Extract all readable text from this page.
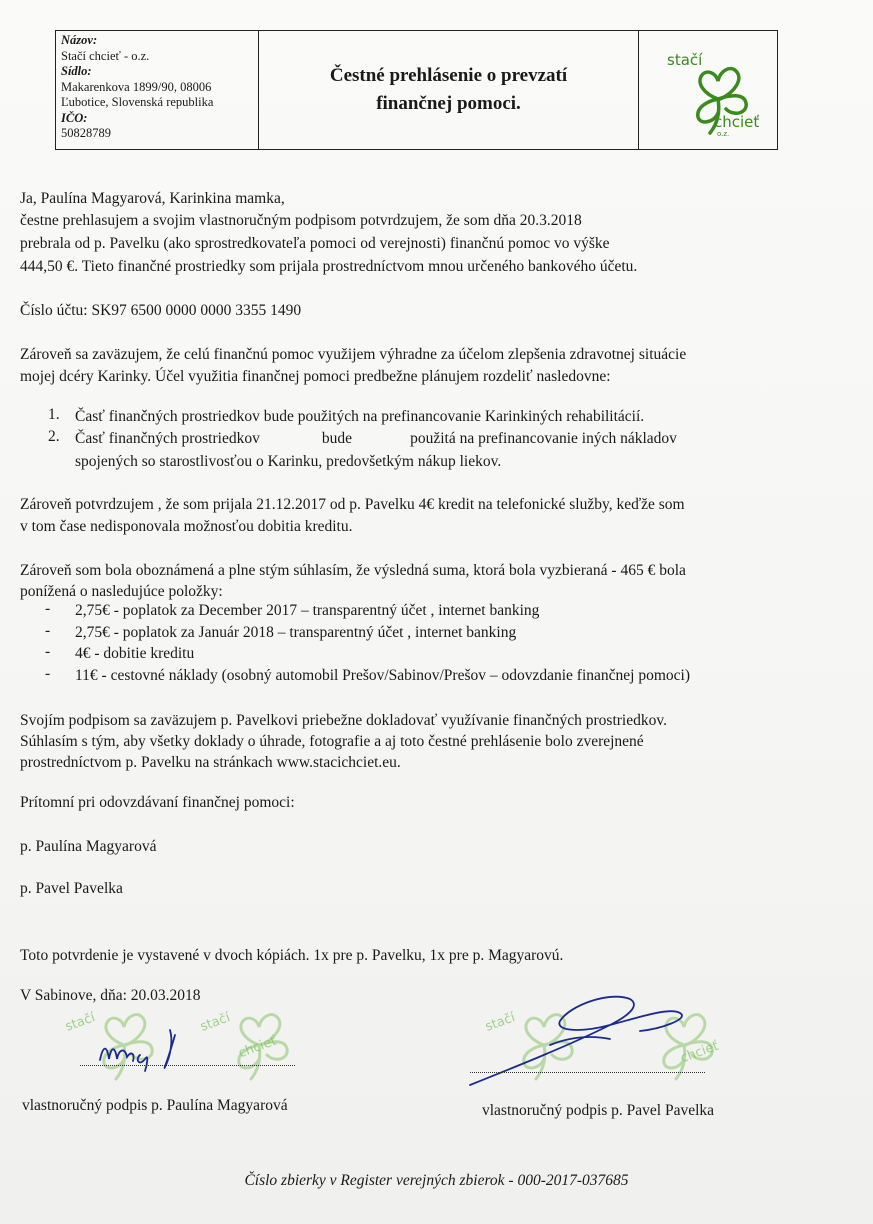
Názov:
Stačí chcieť - o.z.
Sídlo:
Makarenkova 1899/90, 08006
Ľubotice, Slovenská republika
IČO:
50828789
Čestné prehlásenie o prevzatí
finančnej pomoci.
stačí
chcieť
o.z.
Ja, Paulína Magyarová, Karinkina mamka,
čestne prehlasujem a svojim vlastnoručným podpisom potvrdzujem, že som dňa 20.3.2018
prebrala od p. Pavelku (ako sprostredkovateľa pomoci od verejnosti) finančnú pomoc vo výške
444,50 €. Tieto finančné prostriedky som prijala prostredníctvom mnou určeného bankového účetu.
Číslo účtu: SK97 6500 0000 0000 3355 1490
Zároveň sa zaväzujem, že celú finančnú pomoc využijem výhradne za účelom zlepšenia zdravotnej situácie
mojej dcéry Karinky. Účel využitia finančnej pomoci predbežne plánujem rozdeliť nasledovne:
1. Časť finančných prostriedkov bude použitých na prefinancovanie Karinkiných rehabilitácií.
2. Časť finančných prostriedkov                bude               použitá na prefinancovanie iných nákladov
spojených so starostlivosťou o Karinku, predovšetkým nákup liekov.
Zároveň potvrdzujem , že som prijala 21.12.2017 od p. Pavelku 4€ kredit na telefonické služby, keďže som
v tom čase nedisponovala možnosťou dobitia kreditu.
Zároveň som bola oboznámená a plne stým súhlasím, že výsledná suma, ktorá bola vyzbieraná - 465 € bola
ponížená o nasledujúce položky:
- 2,75€ - poplatok za December 2017 – transparentný účet , internet banking
- 2,75€ - poplatok za Január 2018 – transparentný účet , internet banking
- 4€ - dobitie kreditu
- 11€ - cestovné náklady (osobný automobil Prešov/Sabinov/Prešov – odovzdanie finančnej pomoci)
Svojím podpisom sa zaväzujem p. Pavelkovi priebežne dokladovať využívanie finančných prostriedkov.
Súhlasím s tým, aby všetky doklady o úhrade, fotografie a aj toto čestné prehlásenie bolo zverejnené
prostredníctvom p. Pavelku na stránkach www.stacichciet.eu.
Prítomní pri odovzdávaní finančnej pomoci:
p. Paulína Magyarová
p. Pavel Pavelka
Toto potvrdenie je vystavené v dvoch kópiách. 1x pre p. Pavelku, 1x pre p. Magyarovú.
V Sabinove, dňa: 20.03.2018
stačí	stačí
chcieť
vlastnoručný podpis p. Paulína Magyarová
stačí
chcieť
vlastnoručný podpis p. Pavel Pavelka
Číslo zbierky v Register verejných zbierok - 000-2017-037685
